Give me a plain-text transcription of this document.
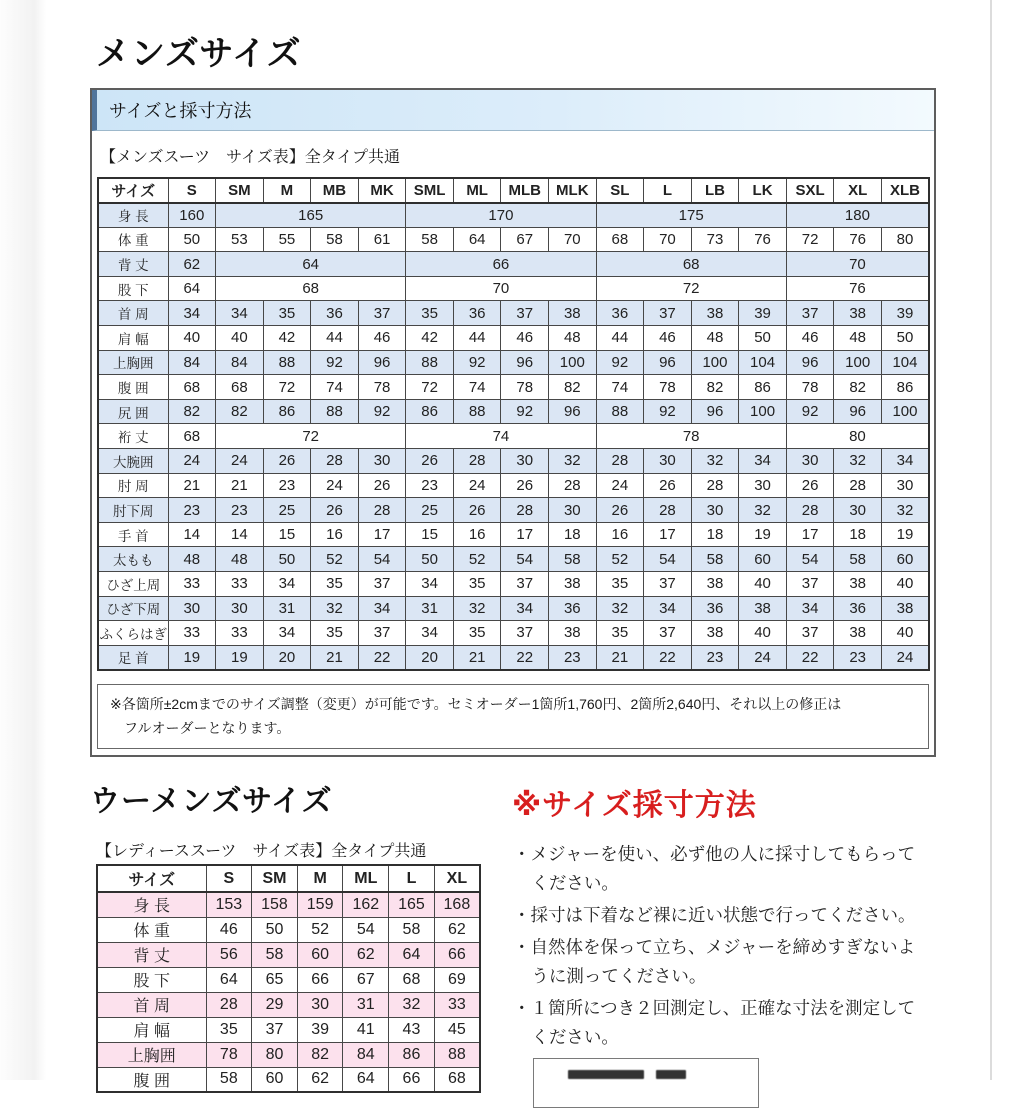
メンズサイズ
サイズと採寸方法
【メンズスーツ　サイズ表】全タイプ共通
サイズ	S	SM	M	MB	MK	SML	ML	MLB	MLK	SL	L	LB	LK	SXL	XL	XLB
身 長	160	165				170				175				180		
体 重	50	53	55	58	61	58	64	67	70	68	70	73	76	72	76	80
背 丈	62	64				66				68				70		
股 下	64	68				70				72				76		
首 周	34	34	35	36	37	35	36	37	38	36	37	38	39	37	38	39
肩 幅	40	40	42	44	46	42	44	46	48	44	46	48	50	46	48	50
上胸囲	84	84	88	92	96	88	92	96	100	92	96	100	104	96	100	104
腹 囲	68	68	72	74	78	72	74	78	82	74	78	82	86	78	82	86
尻 囲	82	82	86	88	92	86	88	92	96	88	92	96	100	92	96	100
裄 丈	68	72				74				78				80		
大腕囲	24	24	26	28	30	26	28	30	32	28	30	32	34	30	32	34
肘 周	21	21	23	24	26	23	24	26	28	24	26	28	30	26	28	30
肘下周	23	23	25	26	28	25	26	28	30	26	28	30	32	28	30	32
手 首	14	14	15	16	17	15	16	17	18	16	17	18	19	17	18	19
太もも	48	48	50	52	54	50	52	54	58	52	54	58	60	54	58	60
ひざ上周	33	33	34	35	37	34	35	37	38	35	37	38	40	37	38	40
ひざ下周	30	30	31	32	34	31	32	34	36	32	34	36	38	34	36	38
ふくらはぎ	33	33	34	35	37	34	35	37	38	35	37	38	40	37	38	40
足 首	19	19	20	21	22	20	21	22	23	21	22	23	24	22	23	24
※各箇所±2cmまでのサイズ調整（変更）が可能です。セミオーダー1箇所1,760円、2箇所2,640円、それ以上の修正は
フルオーダーとなります。
ウーメンズサイズ
【レディーススーツ　サイズ表】全タイプ共通
サイズ	S	SM	M	ML	L	XL
身 長	153	158	159	162	165	168
体 重	46	50	52	54	58	62
背 丈	56	58	60	62	64	66
股 下	64	65	66	67	68	69
首 周	28	29	30	31	32	33
肩 幅	35	37	39	41	43	45
上胸囲	78	80	82	84	86	88
腹 囲	58	60	62	64	66	68
※サイズ採寸方法
・ メジャーを使い、必ず他の人に採寸してもらってください。
・ 採寸は下着など裸に近い状態で行ってください。
・ 自然体を保って立ち、メジャーを締めすぎないように測ってください。
・ １箇所につき２回測定し、正確な寸法を測定してください。
